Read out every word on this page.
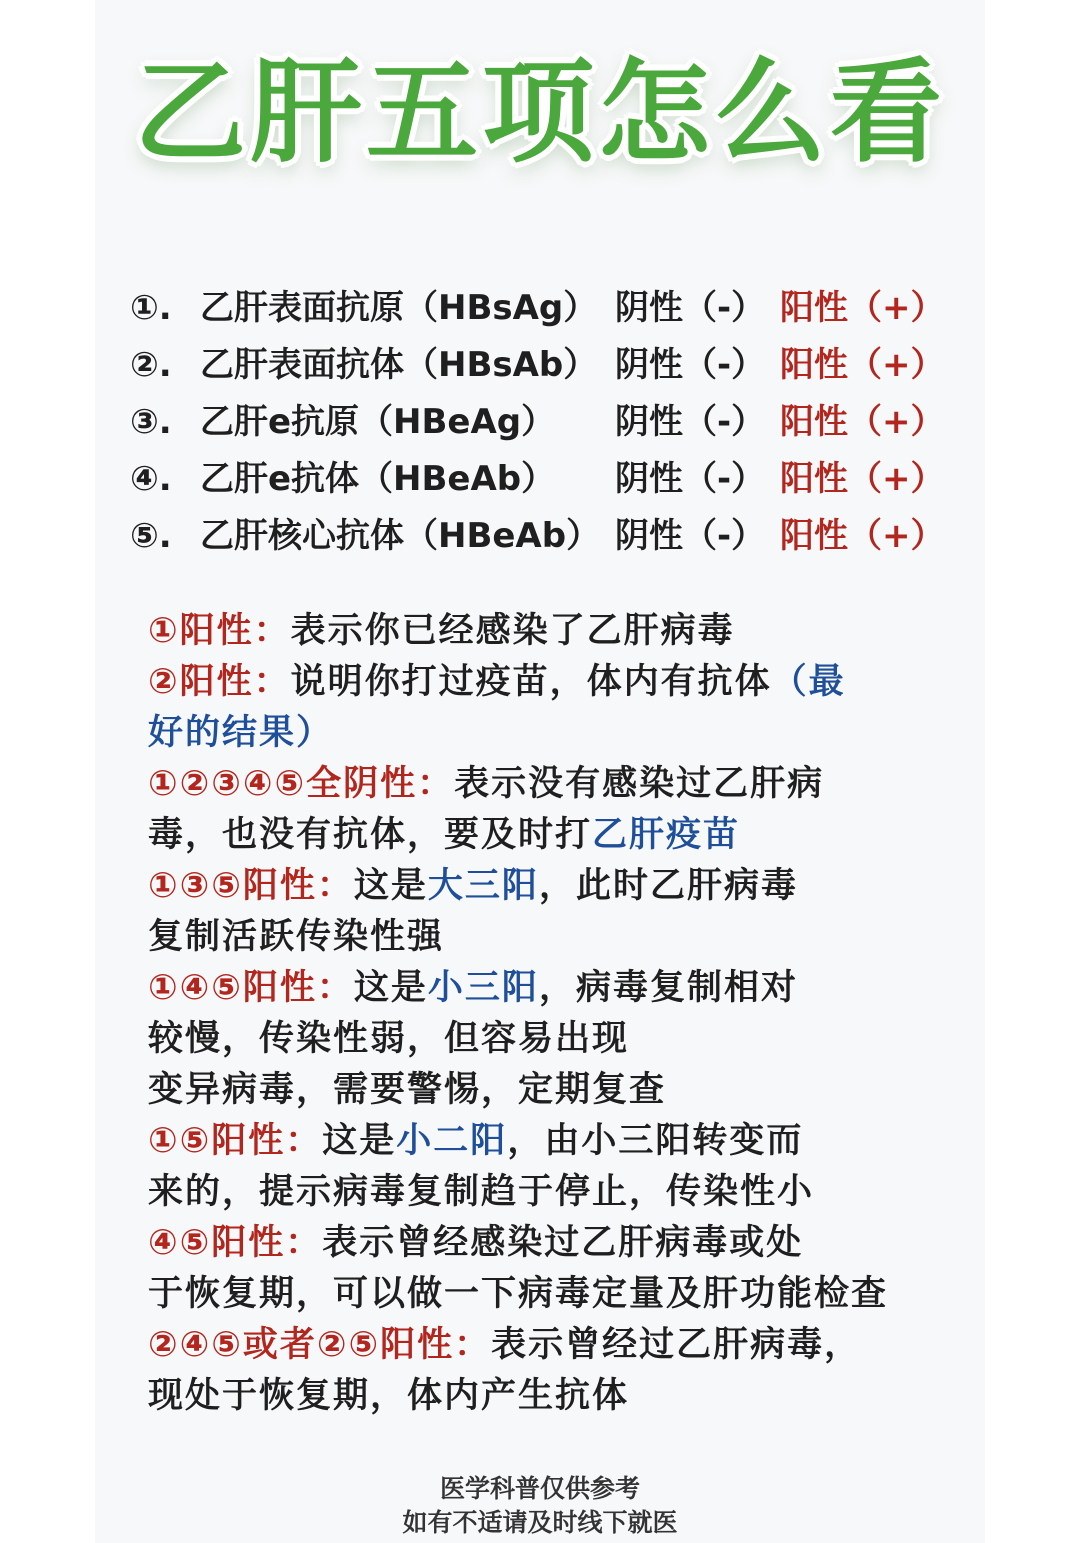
乙肝五项怎么看
①. 乙肝表面抗原（HBsAg） 阴性（-） 阳性（+）
②. 乙肝表面抗体（HBsAb） 阴性（-） 阳性（+）
③. 乙肝e抗原（HBeAg）	阴性（-） 阳性（+）
④. 乙肝e抗体（HBeAb）	阴性（-） 阳性（+）
⑤. 乙肝核心抗体（HBeAb） 阴性（-） 阳性（+）
①阳性：表示你已经感染了乙肝病毒
②阳性：说明你打过疫苗，体内有抗体（最
好的结果）
①②③④⑤全阴性：表示没有感染过乙肝病
毒，也没有抗体，要及时打乙肝疫苗
①③⑤阳性：这是大三阳，此时乙肝病毒
复制活跃传染性强
①④⑤阳性：这是小三阳，病毒复制相对
较慢，传染性弱，但容易出现
变异病毒，需要警惕，定期复查
①⑤阳性：这是小二阳，由小三阳转变而
来的，提示病毒复制趋于停止，传染性小
④⑤阳性：表示曾经感染过乙肝病毒或处
于恢复期，可以做一下病毒定量及肝功能检查
②④⑤或者②⑤阳性：表示曾经过乙肝病毒，
现处于恢复期，体内产生抗体
医学科普仅供参考
如有不适请及时线下就医
